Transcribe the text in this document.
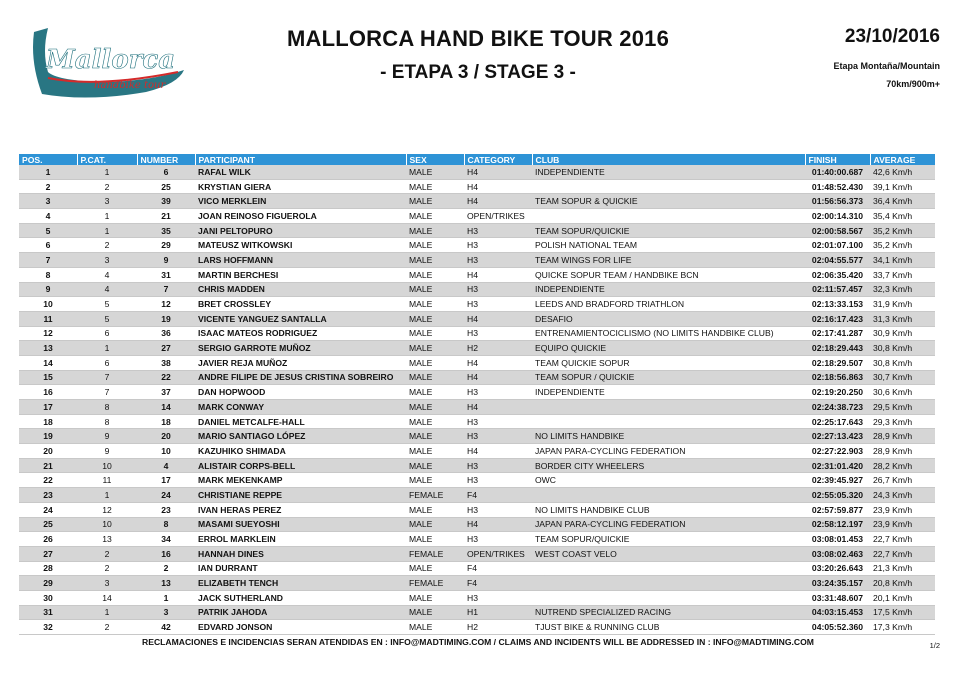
Mallorca
handbike tour
MALLORCA HAND BIKE TOUR 2016
- ETAPA 3 / STAGE 3 -
23/10/2016
Etapa Montaña/Mountain
70km/900m+
POS.	P.CAT.	NUMBER	PARTICIPANT	SEX	CATEGORY	CLUB	FINISH	AVERAGE
1	1	6	RAFAL WILK	MALE	H4	INDEPENDIENTE	01:40:00.687	42,6 Km/h
2	2	25	KRYSTIAN GIERA	MALE	H4		01:48:52.430	39,1 Km/h
3	3	39	VICO MERKLEIN	MALE	H4	TEAM SOPUR & QUICKIE	01:56:56.373	36,4 Km/h
4	1	21	JOAN REINOSO FIGUEROLA	MALE	OPEN/TRIKES		02:00:14.310	35,4 Km/h
5	1	35	JANI PELTOPURO	MALE	H3	TEAM SOPUR/QUICKIE	02:00:58.567	35,2 Km/h
6	2	29	MATEUSZ WITKOWSKI	MALE	H3	POLISH NATIONAL TEAM	02:01:07.100	35,2 Km/h
7	3	9	LARS HOFFMANN	MALE	H3	TEAM WINGS FOR LIFE	02:04:55.577	34,1 Km/h
8	4	31	MARTIN BERCHESI	MALE	H4	QUICKE SOPUR TEAM / HANDBIKE BCN	02:06:35.420	33,7 Km/h
9	4	7	CHRIS MADDEN	MALE	H3	INDEPENDIENTE	02:11:57.457	32,3 Km/h
10	5	12	BRET CROSSLEY	MALE	H3	LEEDS AND BRADFORD TRIATHLON	02:13:33.153	31,9 Km/h
11	5	19	VICENTE YANGUEZ SANTALLA	MALE	H4	DESAFIO	02:16:17.423	31,3 Km/h
12	6	36	ISAAC MATEOS RODRIGUEZ	MALE	H3	ENTRENAMIENTOCICLISMO (NO LIMITS HANDBIKE CLUB)	02:17:41.287	30,9 Km/h
13	1	27	SERGIO GARROTE MUÑOZ	MALE	H2	EQUIPO QUICKIE	02:18:29.443	30,8 Km/h
14	6	38	JAVIER REJA MUÑOZ	MALE	H4	TEAM QUICKIE SOPUR	02:18:29.507	30,8 Km/h
15	7	22	ANDRE FILIPE DE JESUS CRISTINA SOBREIRO	MALE	H4	TEAM SOPUR / QUICKIE	02:18:56.863	30,7 Km/h
16	7	37	DAN HOPWOOD	MALE	H3	INDEPENDIENTE	02:19:20.250	30,6 Km/h
17	8	14	MARK CONWAY	MALE	H4		02:24:38.723	29,5 Km/h
18	8	18	DANIEL METCALFE-HALL	MALE	H3		02:25:17.643	29,3 Km/h
19	9	20	MARIO SANTIAGO LÓPEZ	MALE	H3	NO LIMITS HANDBIKE	02:27:13.423	28,9 Km/h
20	9	10	KAZUHIKO SHIMADA	MALE	H4	JAPAN PARA-CYCLING FEDERATION	02:27:22.903	28,9 Km/h
21	10	4	ALISTAIR CORPS-BELL	MALE	H3	BORDER CITY WHEELERS	02:31:01.420	28,2 Km/h
22	11	17	MARK MEKENKAMP	MALE	H3	OWC	02:39:45.927	26,7 Km/h
23	1	24	CHRISTIANE REPPE	FEMALE	F4		02:55:05.320	24,3 Km/h
24	12	23	IVAN HERAS PEREZ	MALE	H3	NO LIMITS HANDBIKE CLUB	02:57:59.877	23,9 Km/h
25	10	8	MASAMI SUEYOSHI	MALE	H4	JAPAN PARA-CYCLING FEDERATION	02:58:12.197	23,9 Km/h
26	13	34	ERROL MARKLEIN	MALE	H3	TEAM SOPUR/QUICKIE	03:08:01.453	22,7 Km/h
27	2	16	HANNAH DINES	FEMALE	OPEN/TRIKES	WEST COAST VELO	03:08:02.463	22,7 Km/h
28	2	2	IAN DURRANT	MALE	F4		03:20:26.643	21,3 Km/h
29	3	13	ELIZABETH TENCH	FEMALE	F4		03:24:35.157	20,8 Km/h
30	14	1	JACK SUTHERLAND	MALE	H3		03:31:48.607	20,1 Km/h
31	1	3	PATRIK JAHODA	MALE	H1	NUTREND SPECIALIZED RACING	04:03:15.453	17,5 Km/h
32	2	42	EDVARD JONSON	MALE	H2	TJUST BIKE & RUNNING CLUB	04:05:52.360	17,3 Km/h
RECLAMACIONES E INCIDENCIAS SERAN ATENDIDAS EN : INFO@MADTIMING.COM / CLAIMS AND INCIDENTS WILL BE ADDRESSED IN : INFO@MADTIMING.COM	1/2
